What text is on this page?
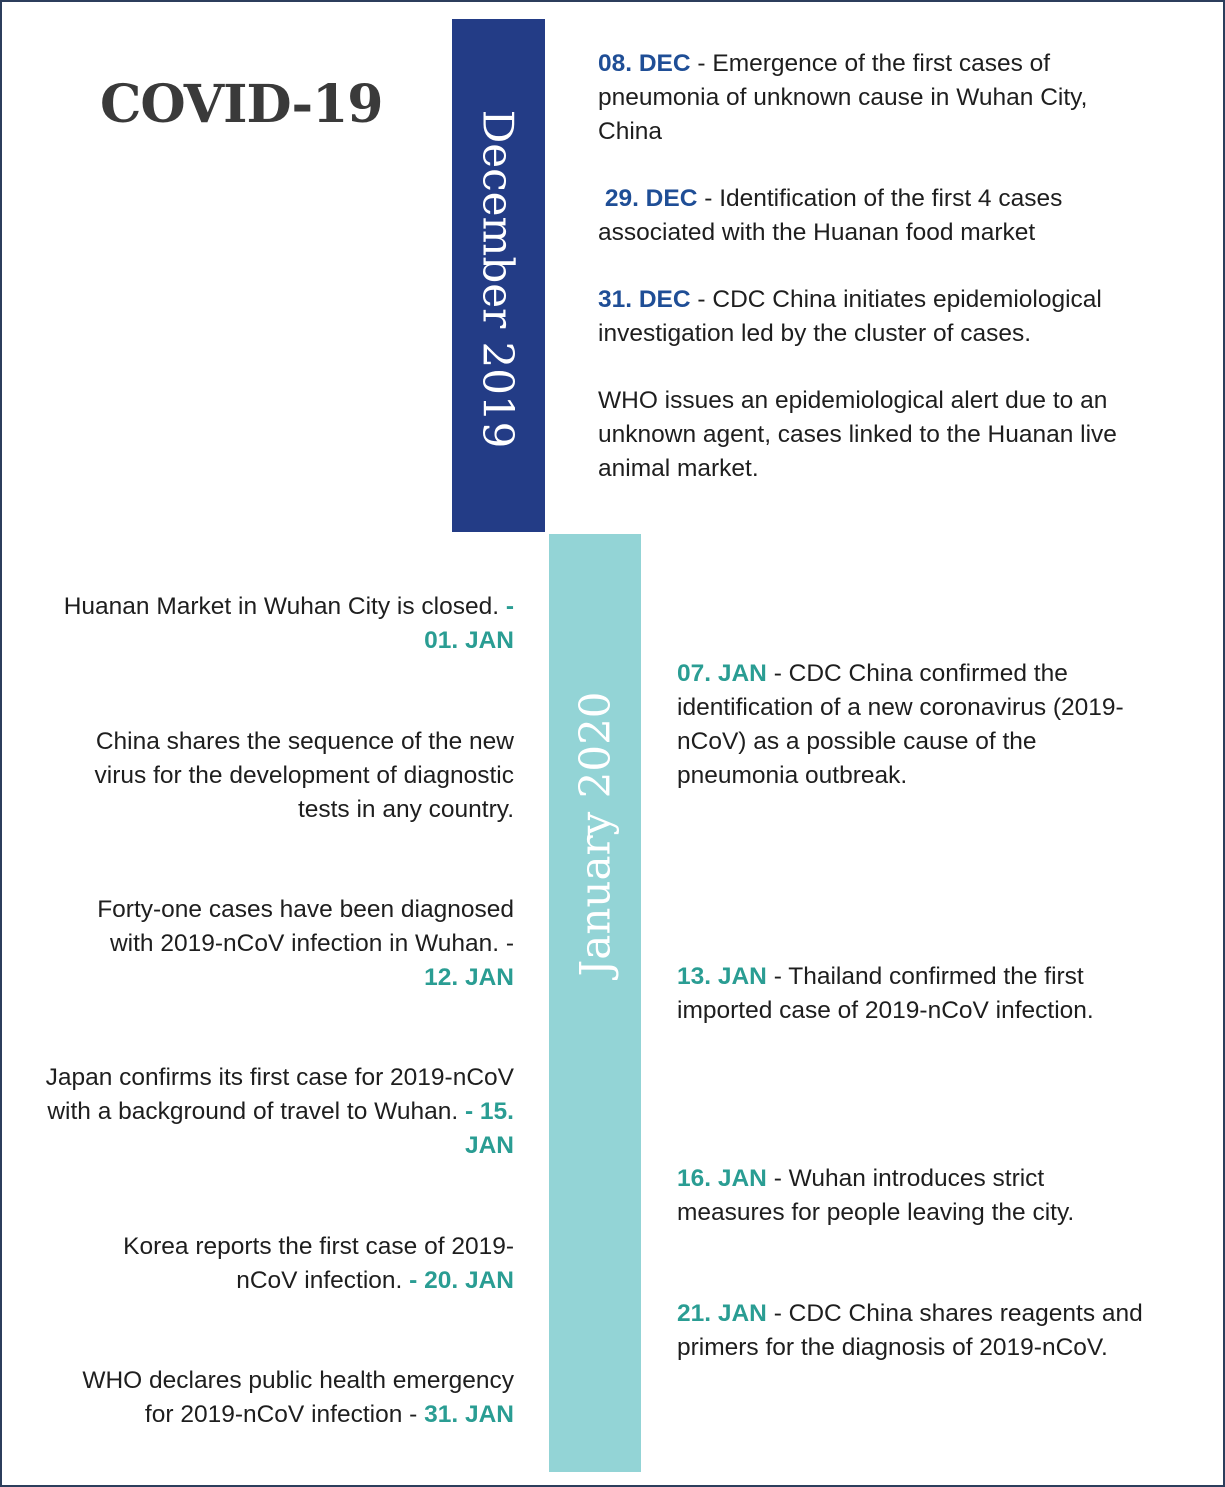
COVID-19
December 2019
January 2020
08. DEC - Emergence of the first cases of pneumonia of unknown cause in Wuhan City, China
29. DEC - Identification of the first 4 cases associated with the Huanan food market
31. DEC - CDC China initiates epidemiological investigation led by the cluster of cases.
WHO issues an epidemiological alert due to an unknown agent, cases linked to the Huanan live animal market.
Huanan Market in Wuhan City is closed. - 01. JAN
China shares the sequence of the new virus for the development of diagnostic tests in any country.
Forty-one cases have been diagnosed with 2019-nCoV infection in Wuhan. -
12. JAN
Japan confirms its first case for 2019-nCoV with a background of travel to Wuhan. - 15. JAN
Korea reports the first case of 2019-nCoV infection. - 20. JAN
WHO declares public health emergency for 2019-nCoV infection - 31. JAN
07. JAN - CDC China confirmed the identification of a new coronavirus (2019-nCoV) as a possible cause of the pneumonia outbreak.
13. JAN - Thailand confirmed the first imported case of 2019-nCoV infection.
16. JAN - Wuhan introduces strict measures for people leaving the city.
21. JAN - CDC China shares reagents and primers for the diagnosis of 2019-nCoV.
